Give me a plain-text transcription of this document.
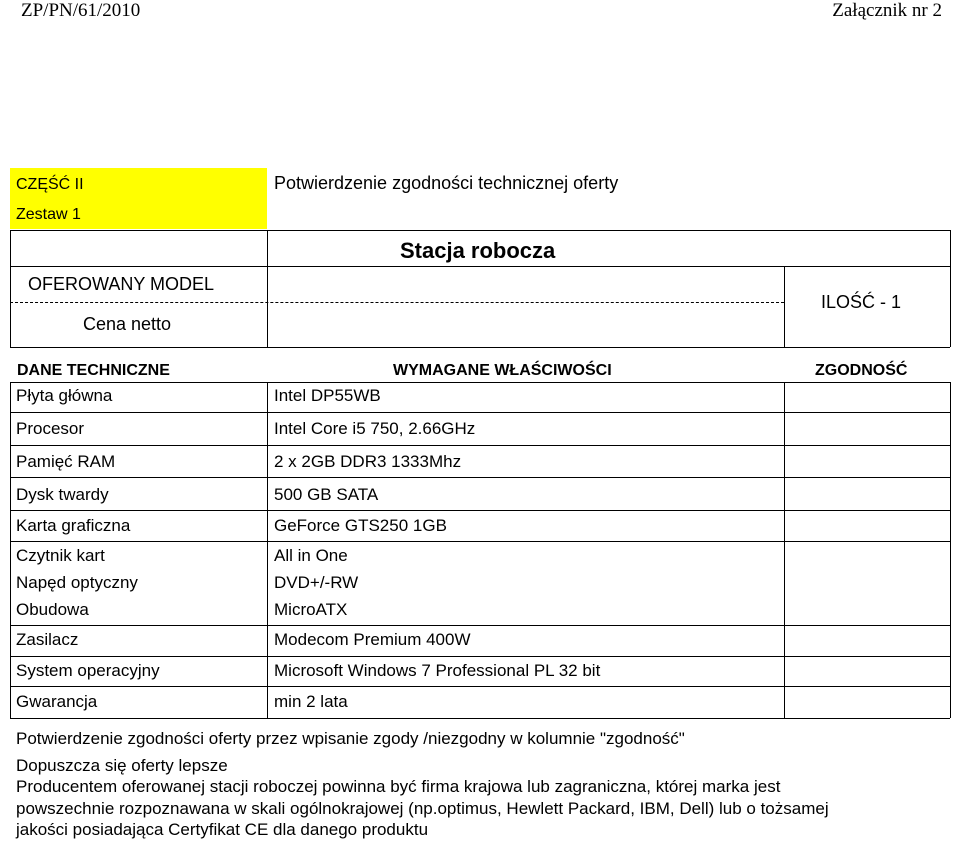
ZP/PN/61/2010	Załącznik nr 2
CZĘŚĆ II
Zestaw 1
Potwierdzenie zgodności technicznej oferty
OFEROWANY MODEL
Cena netto
Stacja robocza
ILOŚĆ - 1
DANE TECHNICZNE	WYMAGANE WŁAŚCIWOŚCI	ZGODNOŚĆ
Płyta główna	Intel DP55WB
Procesor	Intel Core i5 750, 2.66GHz
Pamięć RAM	2 x 2GB DDR3 1333Mhz
Dysk twardy	500 GB SATA
Karta graficzna	GeForce GTS250 1GB
Czytnik kart	All in One
Napęd optyczny	DVD+/-RW
Obudowa	MicroATX
Zasilacz	Modecom Premium 400W
System operacyjny	Microsoft Windows 7 Professional PL 32 bit
Gwarancja	min 2 lata
Potwierdzenie zgodności oferty przez wpisanie zgody /niezgodny w kolumnie "zgodność"
Dopuszcza się oferty lepsze
Producentem oferowanej stacji roboczej powinna być firma krajowa lub zagraniczna, której marka jest
powszechnie rozpoznawana w skali ogólnokrajowej (np.optimus, Hewlett Packard, IBM, Dell) lub o tożsamej
jakości posiadająca Certyfikat CE dla danego produktu
